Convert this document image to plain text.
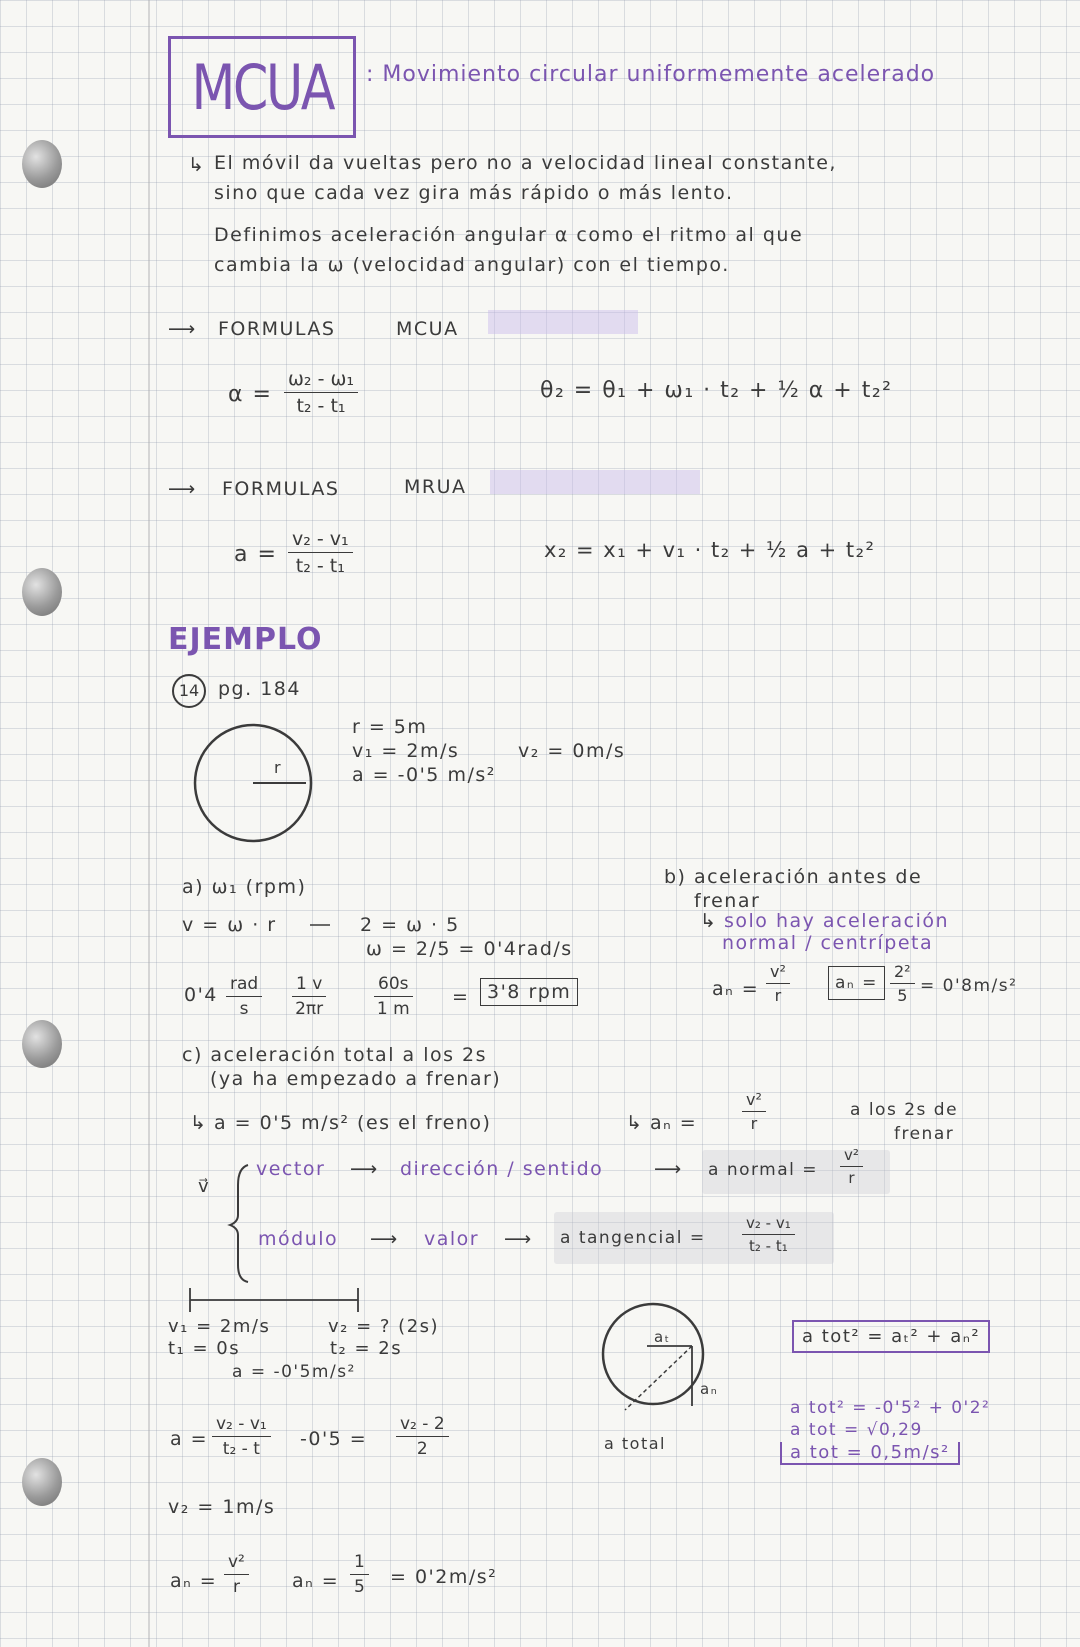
MCUA : Movimiento circular uniformemente acelerado
↳ El móvil da vueltas pero no a velocidad lineal constante,
sino que cada vez gira más rápido o más lento.
Definimos aceleración angular α como el ritmo al que
cambia la ω (velocidad angular) con el tiempo.
⟶ FORMULAS	MCUA
$\alpha = \frac{\text{ω₂ - ω₁}}{\text{t₂ - t₁}}$	θ₂ = θ₁ + ω₁ · t₂ + ½ α + t₂²
⟶ FORMULAS	MRUA
$a = \frac{\text{v₂ - v₁}}{\text{t₂ - t₁}}$	x₂ = x₁ + v₁ · t₂ + ½ a + t₂²
EJEMPLO
14 pg. 184
r
r = 5m
v₁ = 2m/s	v₂ = 0m/s
a = -0'5 m/s²
a) ω₁ (rpm)
v = ω · r	2 = ω · 5
ω = 2/5 = 0'4rad/s
0'4 rad
s	$\frac{1 v}{2\pi r}$	$\frac{60s}{1 m} = 3'8$ rpm
b) aceleración antes de
frenar
↳ solo hay aceleración
normal / centrípeta
$a_n = \frac{\text{v²}}{r}$	$a_n = \frac{\text{2²}}{5} = 0'8m/s^2$
c) aceleración total a los 2s
(ya ha empezado a frenar)
↳ a = 0'5 m/s² (es el freno)	↳ aₙ =	$\frac{\text{v²}}{r}$	a los 2s de
frenar
v⃗
vector ⟶ dirección / sentido	⟶ a normal = $\frac{\text{v²}}{r}$
módulo ⟶ valor ⟶ a tangencial = $\frac{\text{v₂ - v₁}}{\text{t₂ - t₁}}$
v₁ = 2m/s
t₁ = 0s
v₂ = ? (2s)
t₂ = 2s
a = -0'5m/s²
$a = \frac{\text{v₂ - v₁}}{\text{t₂ - t}} -0'5 = \frac{\text{v₂ - 2}}{2}$
v₂ = 1m/s
$a_n = \frac{\text{v²}}{r}$ $a_n = \frac{1}{5} = 0'2m/s^2$
aₜ
aₙ
a total
a tot² = aₜ² + aₙ²
a tot² = -0'5² + 0'2²
a tot = √0,29
a tot = 0,5m/s²
